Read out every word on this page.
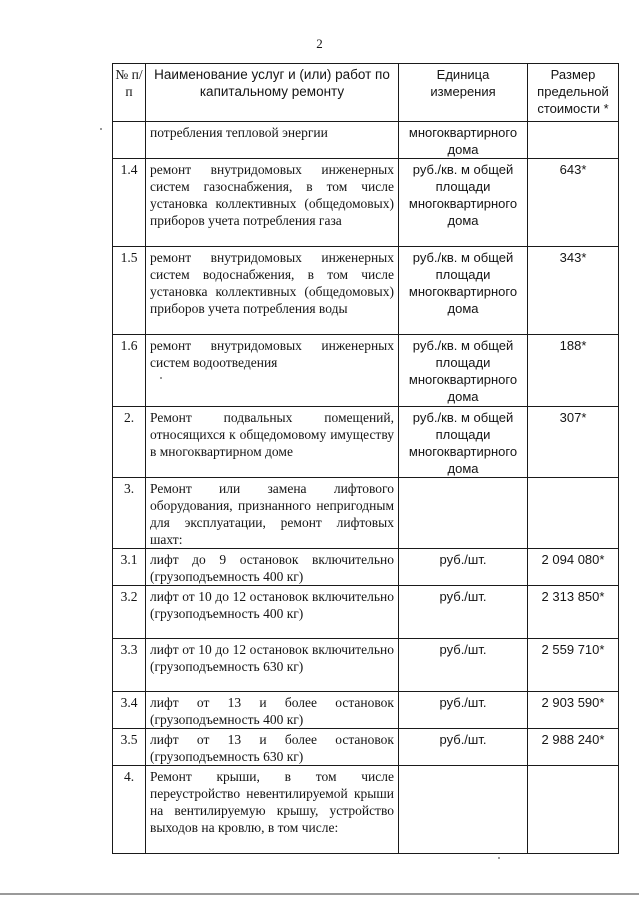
2
№ п/п	Наименование услуг и (или) работ по капитальному ремонту	Единица измерения	Размер предельной стоимости *
	потребления тепловой энергии	многоквартирного дома	
1.4	ремонт внутридомовых инженерных систем газоснабжения, в том числе установка коллективных (общедомовых) приборов учета потребления газа	руб./кв. м общей площади многоквартирного дома	643*
1.5	ремонт внутридомовых инженерных систем водоснабжения, в том числе установка коллективных (общедомовых) приборов учета потребления воды	руб./кв. м общей площади многоквартирного дома	343*
1.6	ремонт внутридомовых инженерных систем водоотведения	руб./кв. м общей площади многоквартирного дома	188*
2.	Ремонт подвальных помещений, относящихся к общедомовому имуществу в многоквартирном доме	руб./кв. м общей площади многоквартирного дома	307*
3.	Ремонт или замена лифтового оборудования, признанного непригодным для эксплуатации, ремонт лифтовых шахт:		
3.1	лифт до 9 остановок включительно (грузоподъемность 400 кг)	руб./шт.	2 094 080*
3.2	лифт от 10 до 12 остановок включительно (грузоподъемность 400 кг)	руб./шт.	2 313 850*
3.3	лифт от 10 до 12 остановок включительно (грузоподъемность 630 кг)	руб./шт.	2 559 710*
3.4	лифт от 13 и более остановок (грузоподъемность 400 кг)	руб./шт.	2 903 590*
3.5	лифт от 13 и более остановок (грузоподъемность 630 кг)	руб./шт.	2 988 240*
4.	Ремонт крыши, в том числе переустройство невентилируемой крыши на вентилируемую крышу, устройство выходов на кровлю, в том числе:		
